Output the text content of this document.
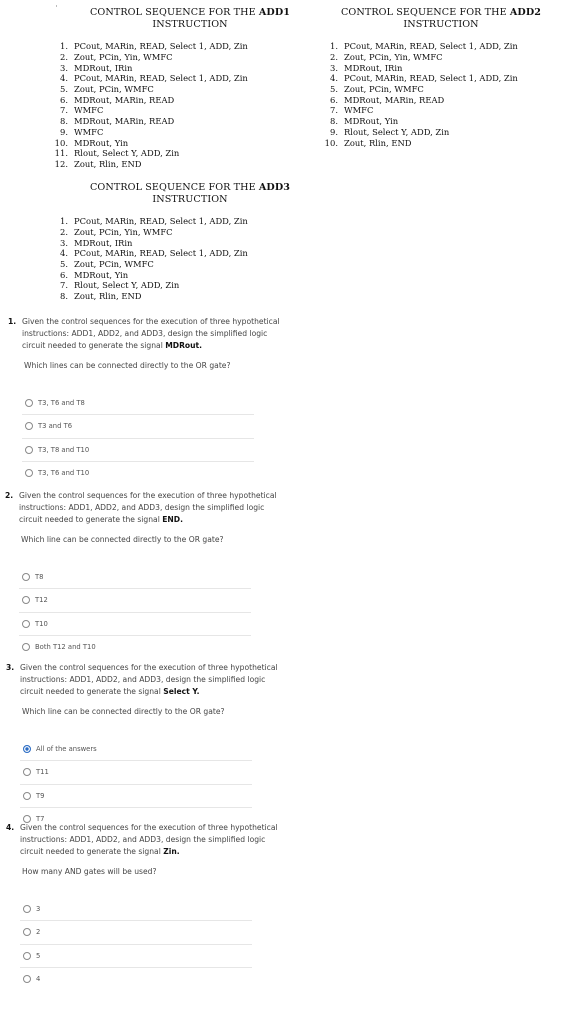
CONTROL SEQUENCE FOR THE ADD1
INSTRUCTION
1. PCout, MARin, READ, Select 1, ADD, Zin
2. Zout, PCin, Yin, WMFC
3. MDRout, IRin
4. PCout, MARin, READ, Select 1, ADD, Zin
5. Zout, PCin, WMFC
6. MDRout, MARin, READ
7. WMFC
8. MDRout, MARin, READ
9. WMFC
10. MDRout, Yin
11. Rlout, Select Y, ADD, Zin
12. Zout, Rlin, END
CONTROL SEQUENCE FOR THE ADD2
INSTRUCTION
1. PCout, MARin, READ, Select 1, ADD, Zin
2. Zout, PCin, Yin, WMFC
3. MDRout, IRin
4. PCout, MARin, READ, Select 1, ADD, Zin
5. Zout, PCin, WMFC
6. MDRout, MARin, READ
7. WMFC
8. MDRout, Yin
9. Rlout, Select Y, ADD, Zin
10. Zout, Rlin, END
CONTROL SEQUENCE FOR THE ADD3
INSTRUCTION
1. PCout, MARin, READ, Select 1, ADD, Zin
2. Zout, PCin, Yin, WMFC
3. MDRout, IRin
4. PCout, MARin, READ, Select 1, ADD, Zin
5. Zout, PCin, WMFC
6. MDRout, Yin
7. Rlout, Select Y, ADD, Zin
8. Zout, Rlin, END
1. Given the control sequences for the execution of three hypothetical instructions: ADD1, ADD2, and ADD3, design the simplified logic circuit needed to generate the signal MDRout.
Which lines can be connected directly to the OR gate?
T3, T6 and T8
T3 and T6
T3, T8 and T10
T3, T6 and T10
2. Given the control sequences for the execution of three hypothetical instructions: ADD1, ADD2, and ADD3, design the simplified logic circuit needed to generate the signal END.
Which line can be connected directly to the OR gate?
T8
T12
T10
Both T12 and T10
3. Given the control sequences for the execution of three hypothetical instructions: ADD1, ADD2, and ADD3, design the simplified logic circuit needed to generate the signal Select Y.
Which line can be connected directly to the OR gate?
All of the answers
T11
T9
T7
4. Given the control sequences for the execution of three hypothetical instructions: ADD1, ADD2, and ADD3, design the simplified logic circuit needed to generate the signal Zin.
How many AND gates will be used?
3
2
5
4
